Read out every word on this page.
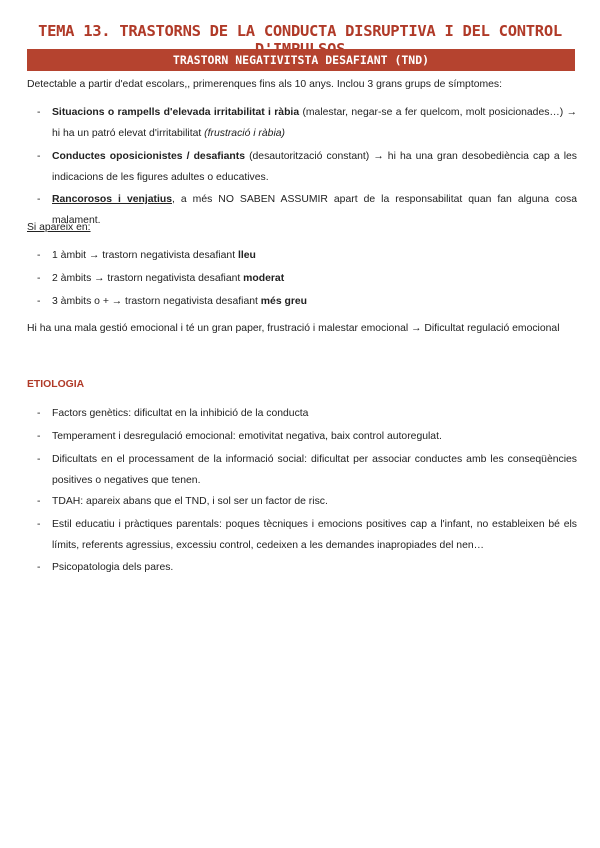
TEMA 13. TRASTORNS DE LA CONDUCTA DISRUPTIVA I DEL CONTROL
TRASTORN NEGATIVITSTA DESAFIANT (TND)
Detectable a partir d'edat escolars,, primerenques fins als 10 anys. Inclou 3 grans grups de símptomes:
-	Situacions o rampells d'elevada irritabilitat i ràbia (malestar, negar-se a fer quelcom, molt posicionades…) → hi ha un patró elevat d'irritabilitat (frustració i ràbia)
-	Conductes oposicionistes / desafiants (desautorització constant) → hi ha una gran desobediència cap a les indicacions de les figures adultes o educatives.
-	Rancorosos i venjatius, a més NO SABEN ASSUMIR apart de la responsabilitat quan fan alguna cosa malament.
Si apareix en:
-	1 àmbit → trastorn negativista desafiant lleu
-	2 àmbits → trastorn negativista desafiant moderat
-	3 àmbits o + → trastorn negativista desafiant més greu
Hi ha una mala gestió emocional i té un gran paper, frustració i malestar emocional → Dificultat regulació emocional
ETIOLOGIA
-	Factors genètics: dificultat en la inhibició de la conducta
-	Temperament i desregulació emocional: emotivitat negativa, baix control autoregulat.
-	Dificultats en el processament de la informació social: dificultat per associar conductes amb les conseqüències positives o negatives que tenen.
-	TDAH: apareix abans que el TND, i sol ser un factor de risc.
-	Estil educatiu i pràctiques parentals: poques tècniques i emocions positives cap a l'infant, no estableixen bé els límits, referents agressius, excessiu control, cedeixen a les demandes inapropiades del nen…
-	Psicopatologia dels pares.
